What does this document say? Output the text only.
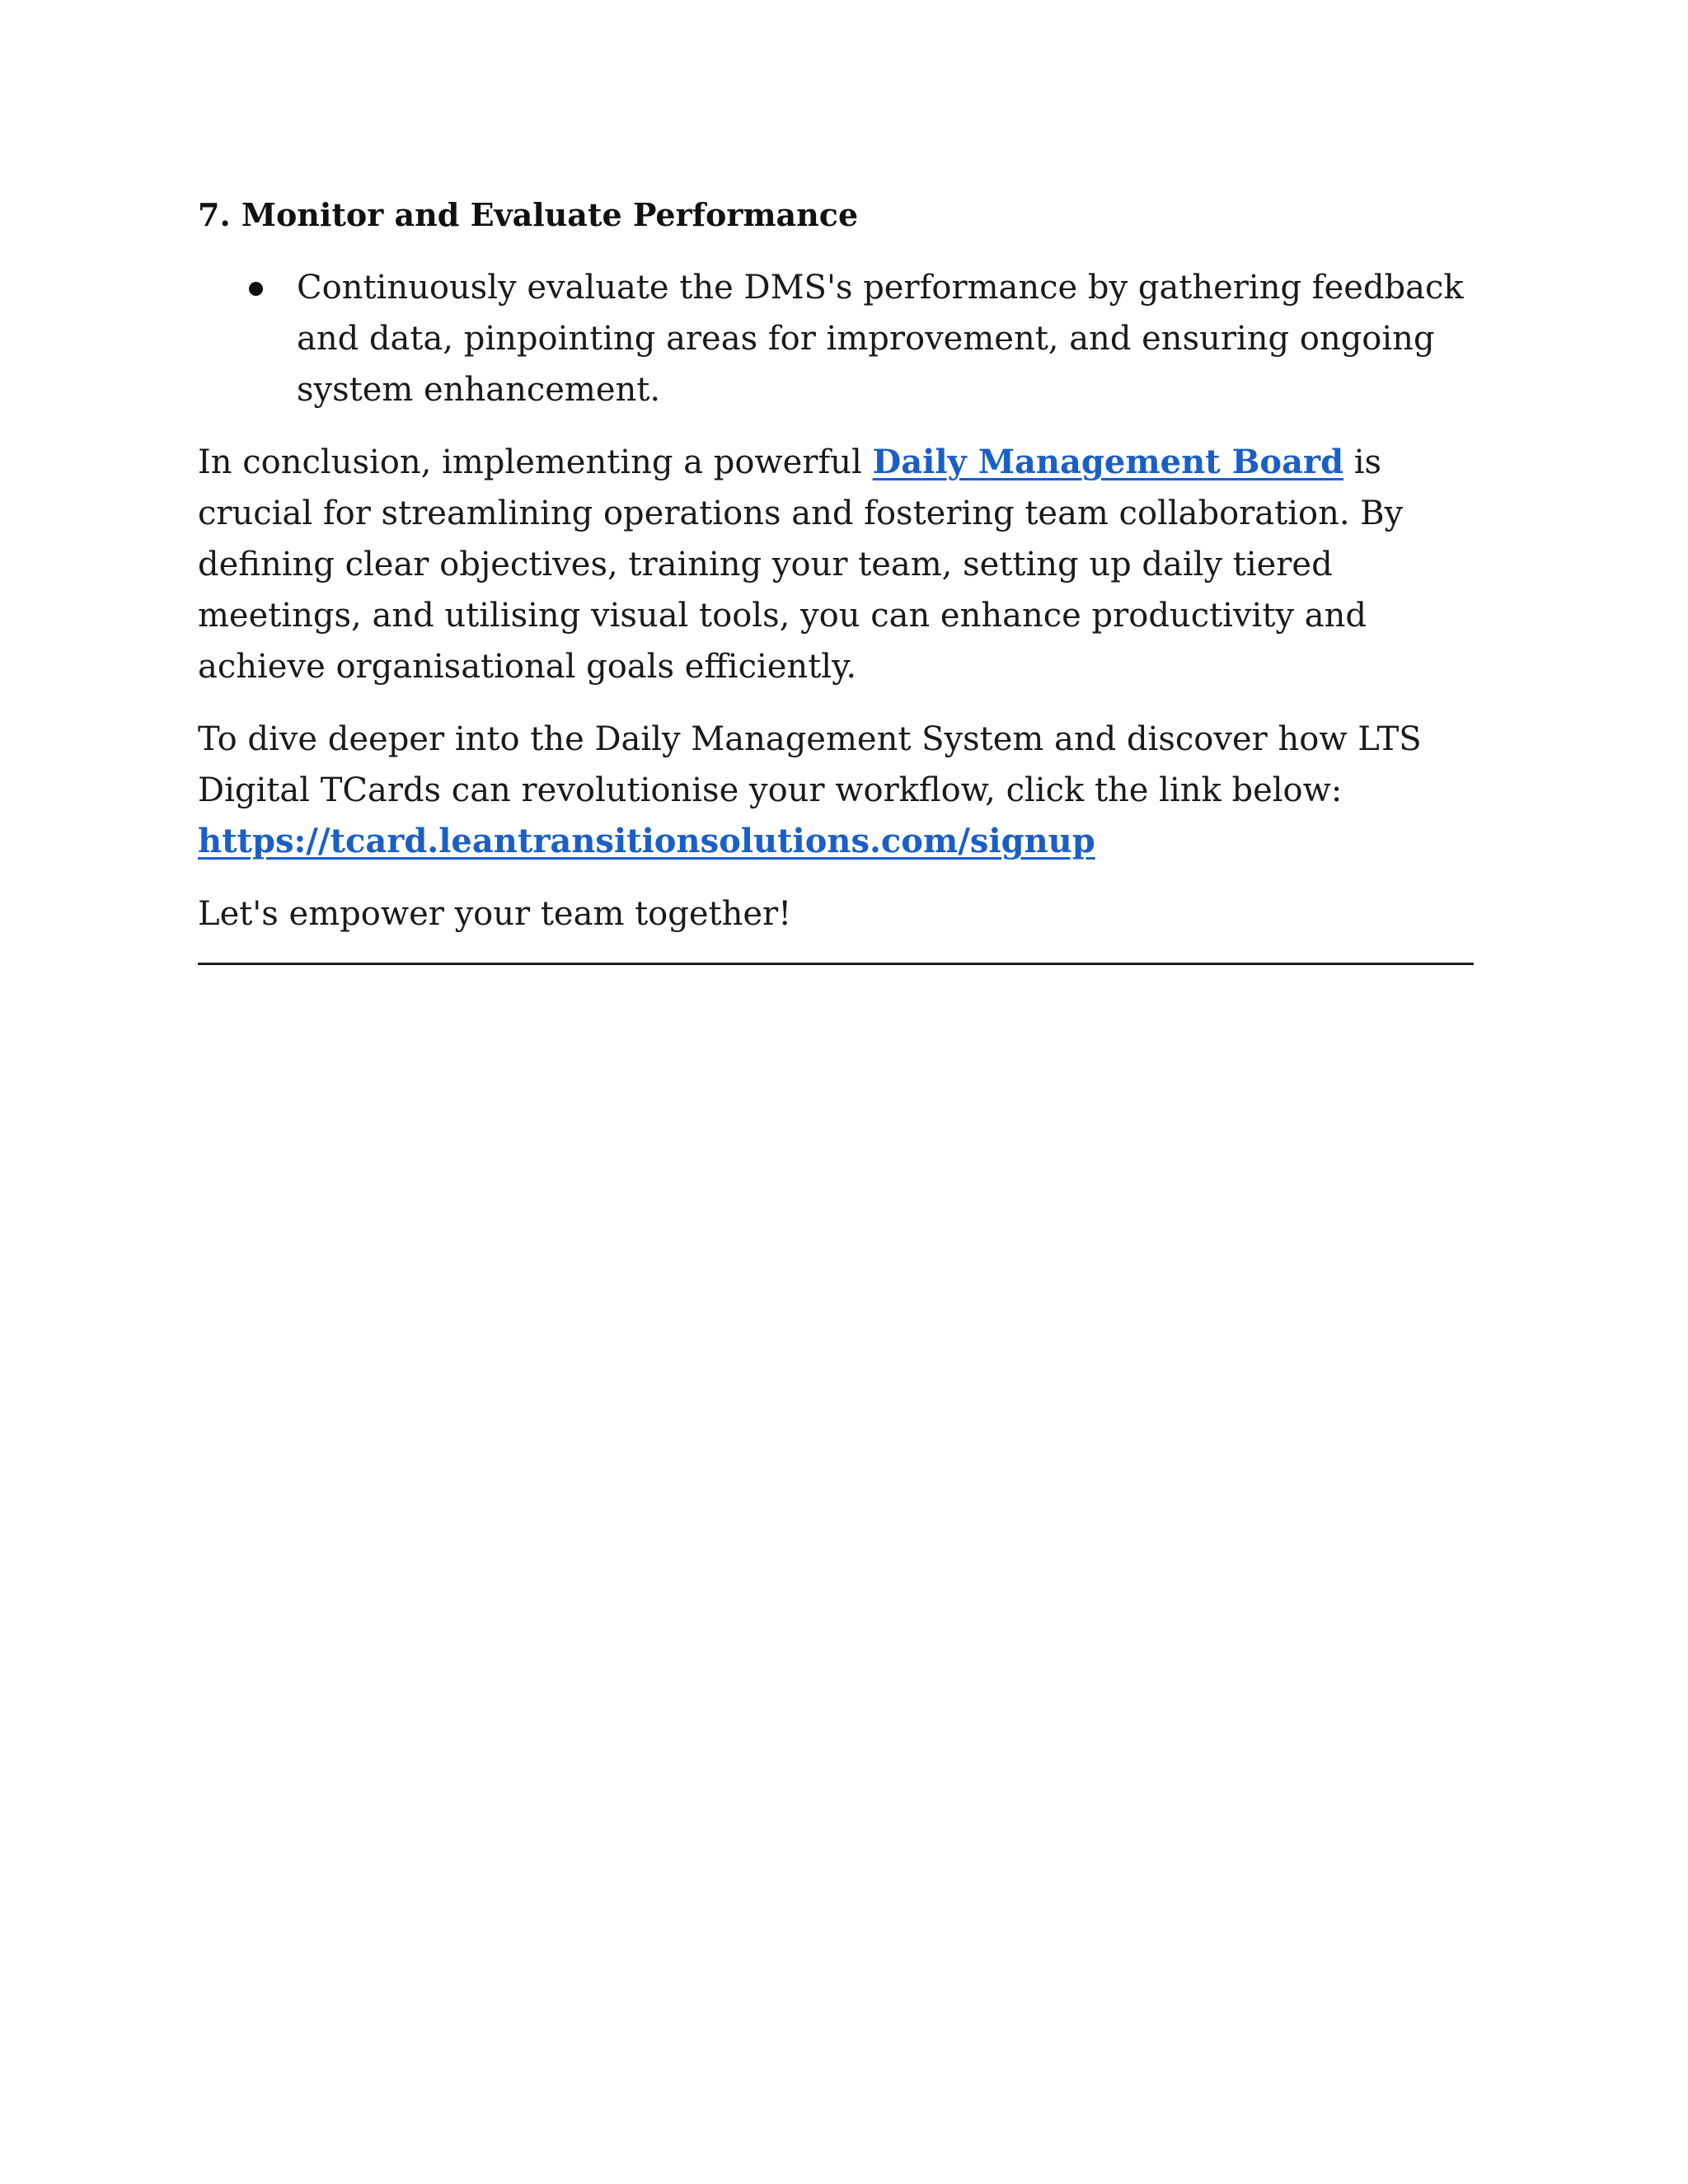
7. Monitor and Evaluate Performance
Continuously evaluate the DMS's performance by gathering feedback and data, pinpointing areas for improvement, and ensuring ongoing system enhancement.

In conclusion, implementing a powerful Daily Management Board is crucial for streamlining operations and fostering team collaboration. By defining clear objectives, training your team, setting up daily tiered meetings, and utilising visual tools, you can enhance productivity and achieve organisational goals efficiently.

To dive deeper into the Daily Management System and discover how LTS Digital TCards can revolutionise your workflow, click the link below: https://tcard.leantransitionsolutions.com/signup

Let's empower your team together!
